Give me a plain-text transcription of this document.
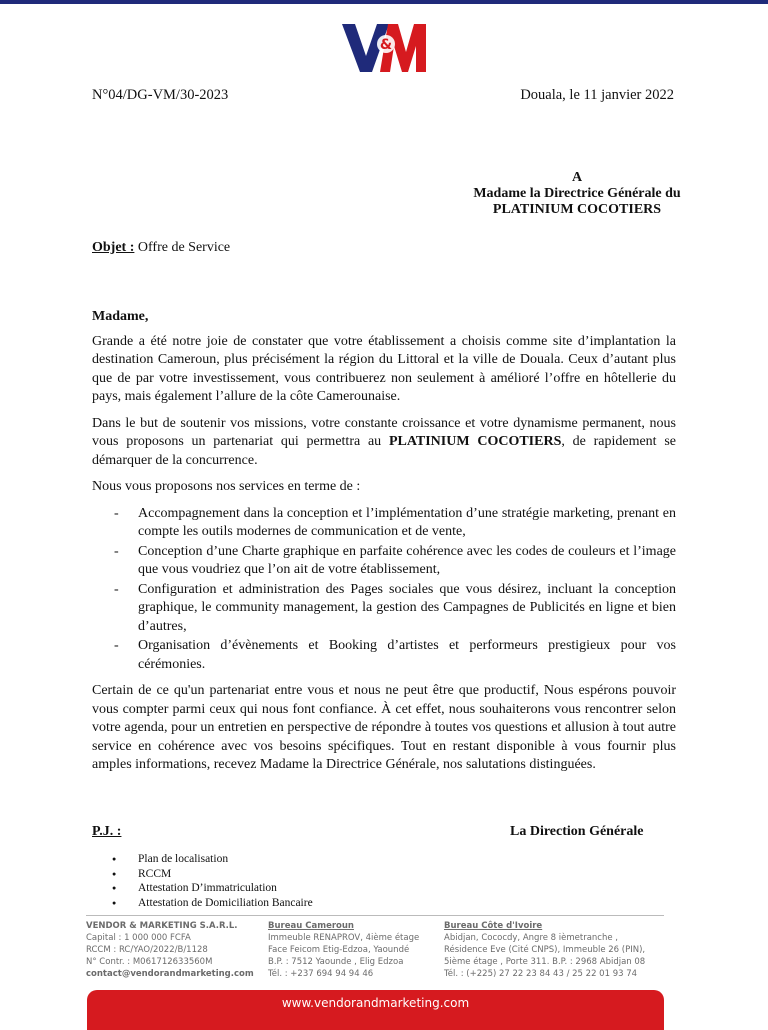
&
N°04/DG-VM/30-2023	Douala, le 11 janvier 2022
A
Madame la Directrice Générale du
PLATINIUM COCOTIERS
Objet : Offre de Service

Madame,

Grande a été notre joie de constater que votre établissement a choisis comme site d’implantation la destination Cameroun, plus précisément la région du Littoral et la ville de Douala. Ceux d’autant plus que de par votre investissement, vous contribuerez non seulement à amélioré l’offre en hôtellerie du pays, mais également l’allure de la côte Camerounaise.

Dans le but de soutenir vos missions, votre constante croissance et votre dynamisme permanent, nous vous proposons un partenariat qui permettra au PLATINIUM COCOTIERS, de rapidement se démarquer de la concurrence.

Nous vous proposons nos services en terme de :

- Accompagnement dans la conception et l’implémentation d’une stratégie marketing, prenant en compte les outils modernes de communication et de vente,
- Conception d’une Charte graphique en parfaite cohérence avec les codes de couleurs et l’image que vous voudriez que l’on ait de votre établissement,
- Configuration et administration des Pages sociales que vous désirez, incluant la conception graphique, le community management, la gestion des Campagnes de Publicités en ligne et bien d’autres,
- Organisation d’évènements et Booking d’artistes et performeurs prestigieux pour vos cérémonies.

Certain de ce qu'un partenariat entre vous et nous ne peut être que productif, Nous espérons pouvoir vous compter parmi ceux qui nous font confiance. À cet effet, nous souhaiterons vous rencontrer selon votre agenda, pour un entretien en perspective de répondre à toutes vos questions et allusion à tout autre service en cohérence avec vos besoins spécifiques. Tout en restant disponible à vous fournir plus amples informations, recevez Madame la Directrice Générale, nos salutations distinguées.

P.J. :	La Direction Générale
● Plan de localisation
● RCCM
● Attestation D’immatriculation
● Attestation de Domiciliation Bancaire
VENDOR & MARKETING S.A.R.L.
Capital : 1 000 000 FCFA
RCCM : RC/YAO/2022/B/1128
N° Contr. : M061712633560M
contact@vendorandmarketing.com
Bureau Cameroun
Immeuble RENAPROV, 4ième étage
Face Feicom Etig-Edzoa, Yaoundé
B.P. : 7512 Yaounde , Elig Edzoa
Tél. : +237 694 94 94 46
Bureau Côte d'Ivoire
Abidjan, Cococdy, Angre 8 ièmetranche ,
Résidence Eve (Cité CNPS), Immeuble 26 (PIN),
5ième étage , Porte 311. B.P. : 2968 Abidjan 08
Tél. : (+225) 27 22 23 84 43 / 25 22 01 93 74
www.vendorandmarketing.com
